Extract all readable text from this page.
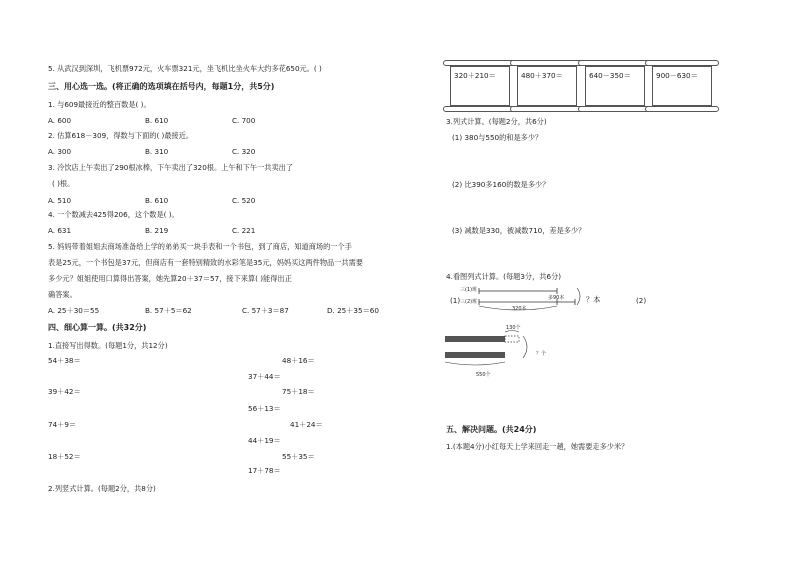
5. 从武汉到深圳，飞机票972元，火车票321元，坐飞机比坐火车大约多花650元。( )
三、用心选一选。(将正确的选项填在括号内，每题1分，共5分)
1. 与609最接近的整百数是( )。
A. 600	B. 610	C. 700
2. 估算618－309，得数与下面的( )最接近。
A. 300	B. 310	C. 320
3. 冷饮店上午卖出了290根冰棒，下午卖出了320根。上午和下午一共卖出了
( )根。
A. 510	B. 610	C. 520
4. 一个数减去425得206，这个数是( )。
A. 631	B. 219	C. 221
5. 妈妈带着姐姐去商场准备给上学的弟弟买一块手表和一个书包，到了商店，知道商场的一个手
表是25元，一个书包是37元，但商店有一套特别精致的水彩笔是35元，妈妈买这两件物品一共需要
多少元？姐姐使用口算得出答案，她先算20＋37＝57，接下来算( )能得出正
确答案。
A. 25＋30＝55	B. 57＋5＝62	C. 57＋3＝87	D. 25＋35＝60
四、细心算一算。(共32分)
1.直接写出得数。(每题1分，共12分)
54＋38＝
39＋42＝
74＋9＝
18＋52＝
37＋44＝
56＋13＝
44＋19＝
17＋78＝
48＋16＝
75＋18＝
41＋24＝
55＋35＝
2.列竖式计算。(每题2分，共8分)
320＋210＝	480＋370＝	640－350＝	900－630＝
3.列式计算。(每题2分，共6分)
(1) 380与550的和是多少？
(2) 比390多160的数是多少？
(3) 减数是330，被减数710，差是多少？
4.看图列式计算。(每题3分，共6分)
(1)
三(1)班
三(2)班
多90本	？本
320本
(2)
130个
？个
550个
五、解决问题。(共24分)
1.(本题4分)小红每天上学来回走一趟，她需要走多少米？
